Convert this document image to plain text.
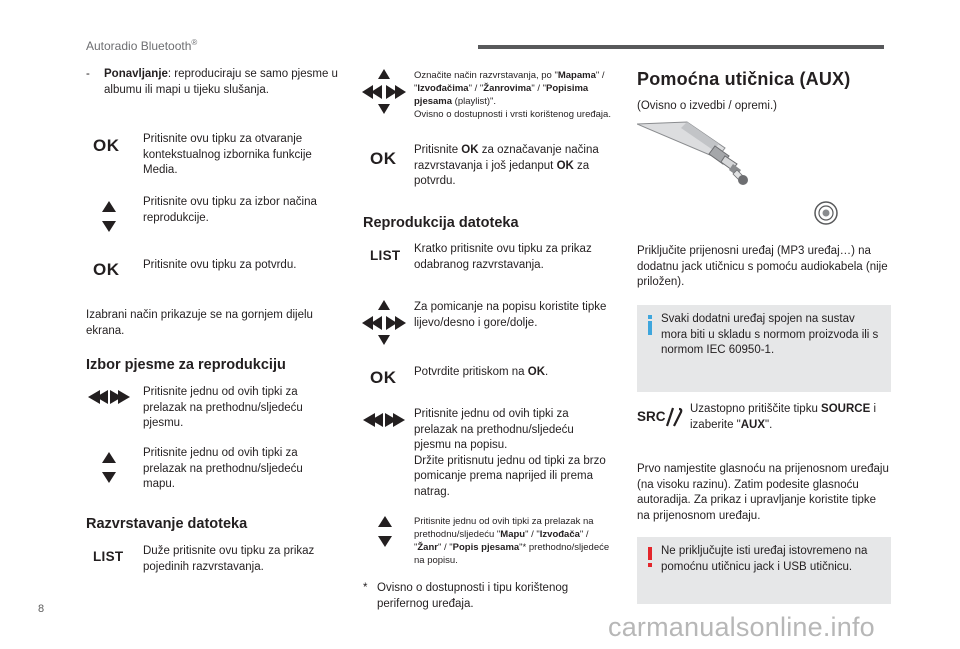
Autoradio Bluetooth®
-	Ponavljanje: reproduciraju se samo pjesme u albumu ili mapi u tijeku slušanja.
OK Pritisnite ovu tipku za otvaranje kontekstualnog izbornika funkcije Media.
Pritisnite ovu tipku za izbor načina reprodukcije.
OK Pritisnite ovu tipku za potvrdu.
Izabrani način prikazuje se na gornjem dijelu ekrana.
Izbor pjesme za reprodukciju
Pritisnite jednu od ovih tipki za prelazak na prethodnu/sljedeću pjesmu.
Pritisnite jednu od ovih tipki za prelazak na prethodnu/sljedeću mapu.
Razvrstavanje datoteka
LIST Duže pritisnite ovu tipku za prikaz pojedinih razvrstavanja.
Označite način razvrstavanja, po "Mapama" / "Izvođačima" / "Žanrovima" / "Popisima pjesama (playlist)".
Ovisno o dostupnosti i vrsti korištenog uređaja.
OK Pritisnite OK za označavanje načina razvrstavanja i još jedanput OK za potvrdu.
Reprodukcija datoteka
LIST Kratko pritisnite ovu tipku za prikaz odabranog razvrstavanja.
Za pomicanje na popisu koristite tipke lijevo/desno i gore/dolje.
OK Potvrdite pritiskom na OK.
Pritisnite jednu od ovih tipki za prelazak na prethodnu/sljedeću pjesmu na popisu.
Držite pritisnutu jednu od tipki za brzo pomicanje prema naprijed ili prema natrag.
Pritisnite jednu od ovih tipki za prelazak na prethodnu/sljedeću "Mapu" / "Izvođača" / "Žanr" / "Popis pjesama"* prethodno/sljedeće na popisu.
* Ovisno o dostupnosti i tipu korištenog perifernog uređaja.
Pomoćna utičnica (AUX)
(Ovisno o izvedbi / opremi.)
Priključite prijenosni uređaj (MP3 uređaj…) na dodatnu jack utičnicu s pomoću audiokabela (nije priložen).
Svaki dodatni uređaj spojen na sustav mora biti u skladu s normom proizvoda ili s normom IEC 60950-1.
SRC Uzastopno pritiščite tipku SOURCE i izaberite "AUX".
Prvo namjestite glasnoću na prijenosnom uređaju (na visoku razinu). Zatim podesite glasnoću autoradija. Za prikaz i upravljanje koristite tipke na prijenosnom uređaju.
Ne priključujte isti uređaj istovremeno na pomoćnu utičnicu jack i USB utičnicu.
8
carmanualsonline.info
